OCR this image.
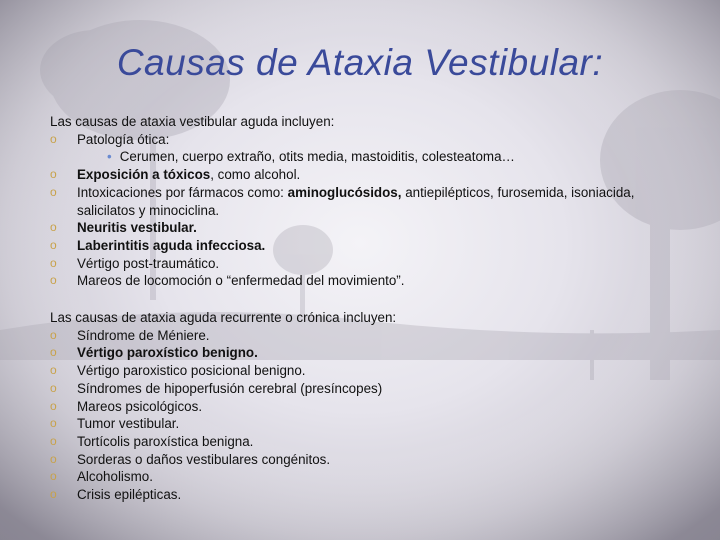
Causas de Ataxia Vestibular:

Las causas de ataxia vestibular aguda incluyen:

o Patología ótica:
• Cerumen, cuerpo extraño, otits media, mastoiditis, colesteatoma…
o Exposición a tóxicos, como alcohol.
o Intoxicaciones por fármacos como: aminoglucósidos, antiepilépticos, furosemida, isoniacida, salicilatos y minociclina.
o Neuritis vestibular.
o Laberintitis aguda infecciosa.
o Vértigo post-traumático.
o Mareos de locomoción o “enfermedad del movimiento”.

Las causas de ataxia aguda recurrente o crónica incluyen:

o Síndrome de Méniere.
o Vértigo paroxístico benigno.
o Vértigo paroxistico posicional benigno.
o Síndromes de hipoperfusión cerebral (presíncopes)
o Mareos psicológicos.
o Tumor vestibular.
o Tortícolis paroxística benigna.
o Sorderas o daños vestibulares congénitos.
o Alcoholismo.
o Crisis epilépticas.
